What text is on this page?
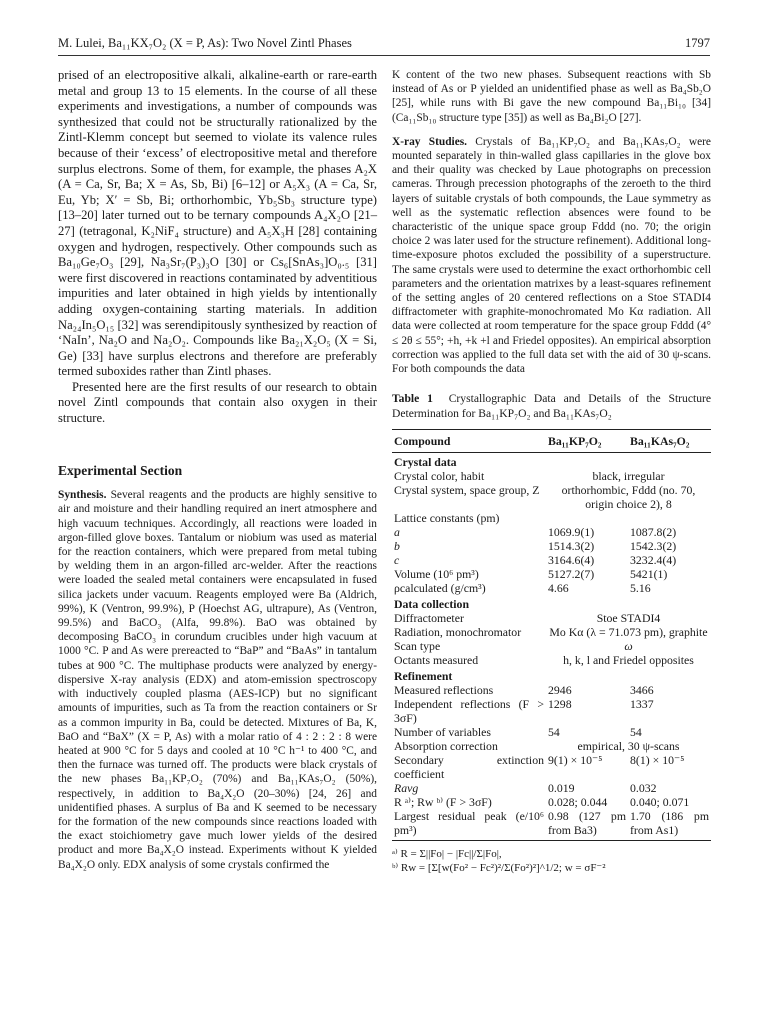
M. Lulei, Ba₁₁KX₇O₂ (X = P, As): Two Novel Zintl Phases	1797

prised of an electropositive alkali, alkaline-earth or rare-earth metal and group 13 to 15 elements. In the course of all these experiments and investigations, a number of compounds was synthesized that could not be structurally rationalized by the Zintl-Klemm concept but seemed to violate its valence rules because of their ‘excess’ of electropositive metal and therefore surplus electrons. Some of them, for example, the phases A₂X (A = Ca, Sr, Ba; X = As, Sb, Bi) [6–12] or A₅X₃ (A = Ca, Sr, Eu, Yb; X′ = Sb, Bi; orthorhombic, Yb₅Sb₃ structure type) [13–20] later turned out to be ternary compounds A₄X₂O [21–27] (tetragonal, K₂NiF₄ structure) and A₅X₃H [28] containing oxygen and hydrogen, respectively. Other compounds such as Ba₁₀Ge₇O₃ [29], Na₃Sr₇(P₃)₃O [30] or Cs₆[SnAs₃]O₀.₅ [31] were first discovered in reactions contaminated by adventitious impurities and later obtained in high yields by intentionally adding oxygen-containing starting materials. In addition Na₂₄In₅O₁₅ [32] was serendipitously synthesized by reaction of ‘NaIn’, Na₂O and Na₂O₂. Compounds like Ba₂₁X₂O₅ (X = Si, Ge) [33] have surplus electrons and therefore are preferably termed suboxides rather than Zintl phases.

Presented here are the first results of our research to obtain novel Zintl compounds that contain also oxygen in their structure.

Experimental Section

Synthesis. Several reagents and the products are highly sensitive to air and moisture and their handling required an inert atmosphere and high vacuum techniques. Accordingly, all reactions were loaded in argon-filled glove boxes. Tantalum or niobium was used as material for the reaction containers, which were prepared from metal tubing by welding them in an argon-filled arc-welder. After the reactions were loaded the sealed metal containers were encapsulated in fused silica jackets under vacuum. Reagents employed were Ba (Aldrich, 99%), K (Ventron, 99.9%), P (Hoechst AG, ultrapure), As (Ventron, 99.5%) and BaCO₃ (Alfa, 99.8%). BaO was obtained by decomposing BaCO₃ in corundum crucibles under high vacuum at 1000 °C. P and As were prereacted to “BaP” and “BaAs” in tantalum tubes at 900 °C. The multiphase products were analyzed by energy-dispersive X-ray analysis (EDX) and atom-emission spectroscopy with inductively coupled plasma (AES-ICP) but no significant amounts of impurities, such as Ta from the reaction containers or Sr as a common impurity in Ba, could be detected. Mixtures of Ba, K, BaO and “BaX” (X = P, As) with a molar ratio of 4 : 2 : 2 : 8 were heated at 900 °C for 5 days and cooled at 10 °C h⁻¹ to 400 °C, and then the furnace was turned off. The products were black crystals of the new phases Ba₁₁KP₇O₂ (70%) and Ba₁₁KAs₇O₂ (50%), respectively, in addition to Ba₄X₂O (20–30%) [24, 26] and unidentified phases. A surplus of Ba and K seemed to be necessary for the formation of the new compounds since reactions loaded with the exact stoichiometry gave much lower yields of the desired product and more Ba₄X₂O instead. Experiments without K yielded Ba₄X₂O only. EDX analysis of some crystals confirmed the

K content of the two new phases. Subsequent reactions with Sb instead of As or P yielded an unidentified phase as well as Ba₄Sb₂O [25], while runs with Bi gave the new compound Ba₁₁Bi₁₀ [34] (Ca₁₁Sb₁₀ structure type [35]) as well as Ba₄Bi₂O [27].

X-ray Studies. Crystals of Ba₁₁KP₇O₂ and Ba₁₁KAs₇O₂ were mounted separately in thin-walled glass capillaries in the glove box and their quality was checked by Laue photographs on precession cameras. Through precession photographs of the zeroeth to the third layers of suitable crystals of both compounds, the Laue symmetry as well as the systematic reflection absences were found to be characteristic of the unique space group Fddd (no. 70; the origin choice 2 was later used for the structure refinement). Additional long-time-exposure photos excluded the possibility of a superstructure. The same crystals were used to determine the exact orthorhombic cell parameters and the orientation matrixes by a least-squares refinement of the setting angles of 20 centered reflections on a Stoe STADI4 diffractometer with graphite-monochromated Mo Kα radiation. All data were collected at room temperature for the space group Fddd (4° ≤ 2θ ≤ 55°; +h, +k +l and Friedel opposites). An empirical absorption correction was applied to the full data set with the aid of 30 ψ-scans. For both compounds the data

Table 1 Crystallographic Data and Details of the Structure Determination for Ba₁₁KP₇O₂ and Ba₁₁KAs₇O₂

Compound	Ba₁₁KP₇O₂	Ba₁₁KAs₇O₂
Crystal data		
Crystal color, habit	black, irregular	
Crystal system, space group, Z	orthorhombic, Fddd (no. 70, origin choice 2), 8	
Lattice constants (pm)		
a	1069.9(1)	1087.8(2)
b	1514.3(2)	1542.3(2)
c	3164.6(4)	3232.4(4)
Volume (10⁶ pm³)	5127.2(7)	5421(1)
ρcalculated (g/cm³)	4.66	5.16
Data collection		
Diffractometer	Stoe STADI4	
Radiation, monochromator	Mo Kα (λ = 71.073 pm), graphite	
Scan type	ω	
Octants measured	h, k, l and Friedel opposites	
Refinement		
Measured reflections	2946	3466
Independent reflections (F > 3σF)	1298	1337
Number of variables	54	54
Absorption correction	empirical, 30 ψ-scans	
Secondary extinction coefficient	9(1) × 10⁻⁵	8(1) × 10⁻⁵
Ravg	0.019	0.032
R ᵃ⁾; Rw ᵇ⁾ (F > 3σF)	0.028; 0.044	0.040; 0.071
Largest residual peak (e/10⁶ pm³)	0.98 (127 pm from Ba3)	1.70 (186 pm from As1)
ᵃ⁾ R = Σ||Fo| − |Fc||/Σ|Fo|,
ᵇ⁾ Rw = [Σ[w(Fo² − Fc²)²/Σ(Fo²)²]^1/2; w = σF⁻²
